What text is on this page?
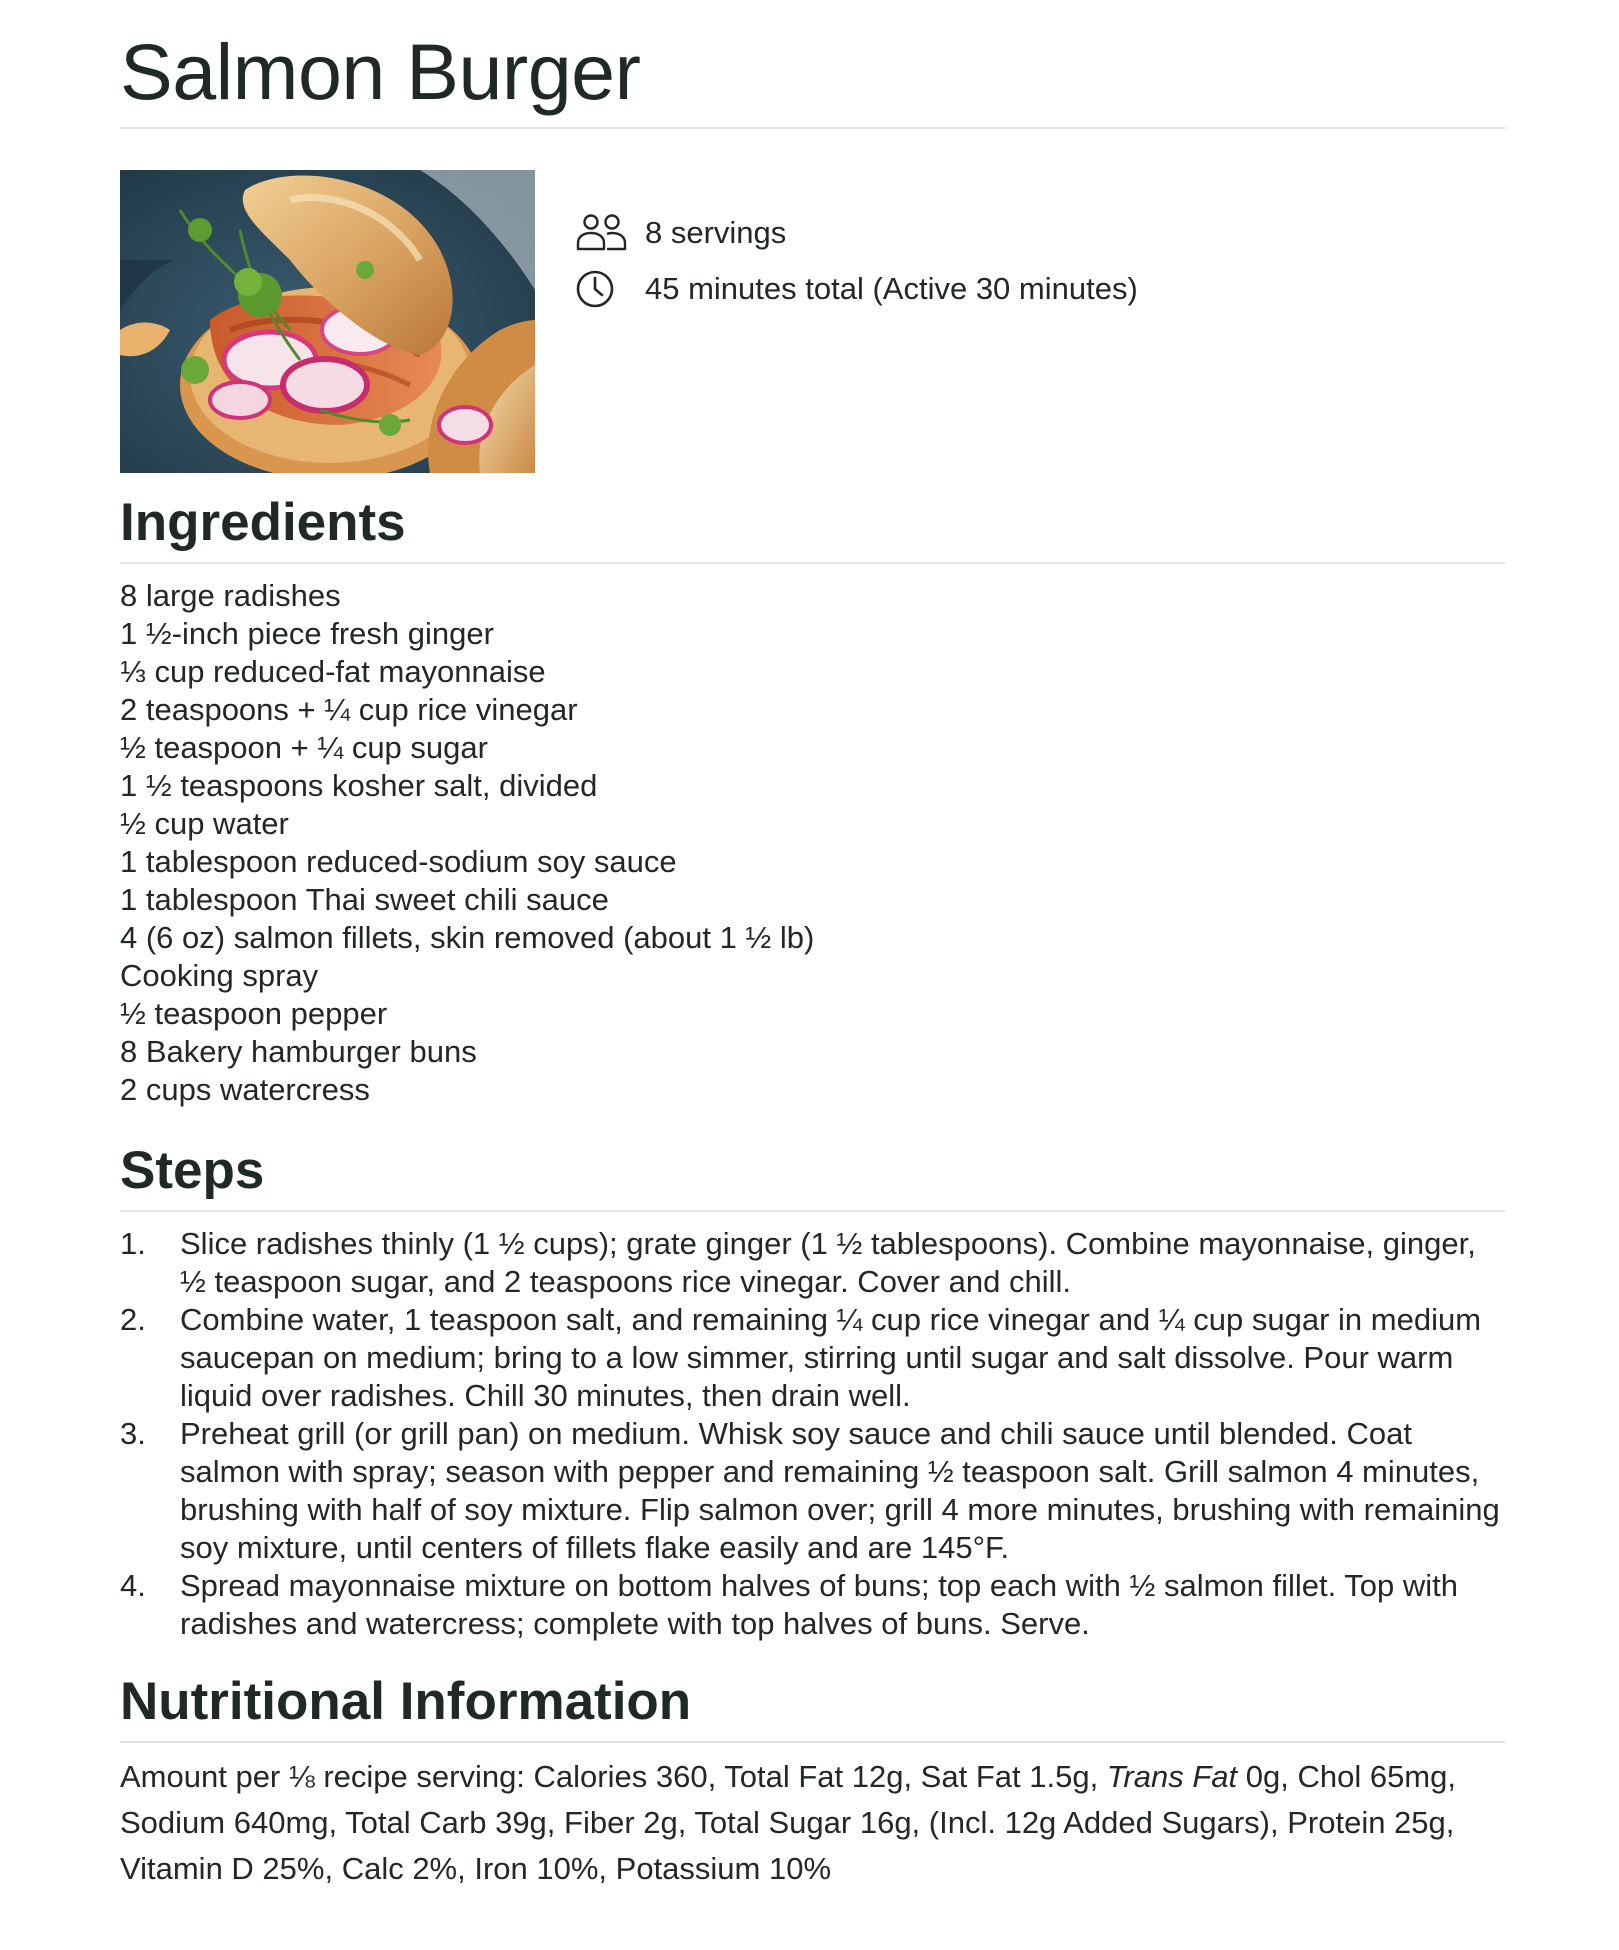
Salmon Burger
8 servings
45 minutes total (Active 30 minutes)
Ingredients
8 large radishes
1 ½-inch piece fresh ginger
⅓ cup reduced-fat mayonnaise
2 teaspoons + ¼ cup rice vinegar
½ teaspoon + ¼ cup sugar
1 ½ teaspoons kosher salt, divided
½ cup water
1 tablespoon reduced-sodium soy sauce
1 tablespoon Thai sweet chili sauce
4 (6 oz) salmon fillets, skin removed (about 1 ½ lb)
Cooking spray
½ teaspoon pepper
8 Bakery hamburger buns
2 cups watercress
Steps
1.	Slice radishes thinly (1 ½ cups); grate ginger (1 ½ tablespoons). Combine mayonnaise, ginger, ½ teaspoon sugar, and 2 teaspoons rice vinegar. Cover and chill.
2.	Combine water, 1 teaspoon salt, and remaining ¼ cup rice vinegar and ¼ cup sugar in medium saucepan on medium; bring to a low simmer, stirring until sugar and salt dissolve. Pour warm liquid over radishes. Chill 30 minutes, then drain well.
3.	Preheat grill (or grill pan) on medium. Whisk soy sauce and chili sauce until blended. Coat salmon with spray; season with pepper and remaining ½ teaspoon salt. Grill salmon 4 minutes, brushing with half of soy mixture. Flip salmon over; grill 4 more minutes, brushing with remaining soy mixture, until centers of fillets flake easily and are 145°F.
4.	Spread mayonnaise mixture on bottom halves of buns; top each with ½ salmon fillet. Top with radishes and watercress; complete with top halves of buns. Serve.
Nutritional Information

Amount per ⅛ recipe serving: Calories 360, Total Fat 12g, Sat Fat 1.5g, Trans Fat 0g, Chol 65mg, Sodium 640mg, Total Carb 39g, Fiber 2g, Total Sugar 16g, (Incl. 12g Added Sugars), Protein 25g, Vitamin D 25%, Calc 2%, Iron 10%, Potassium 10%
